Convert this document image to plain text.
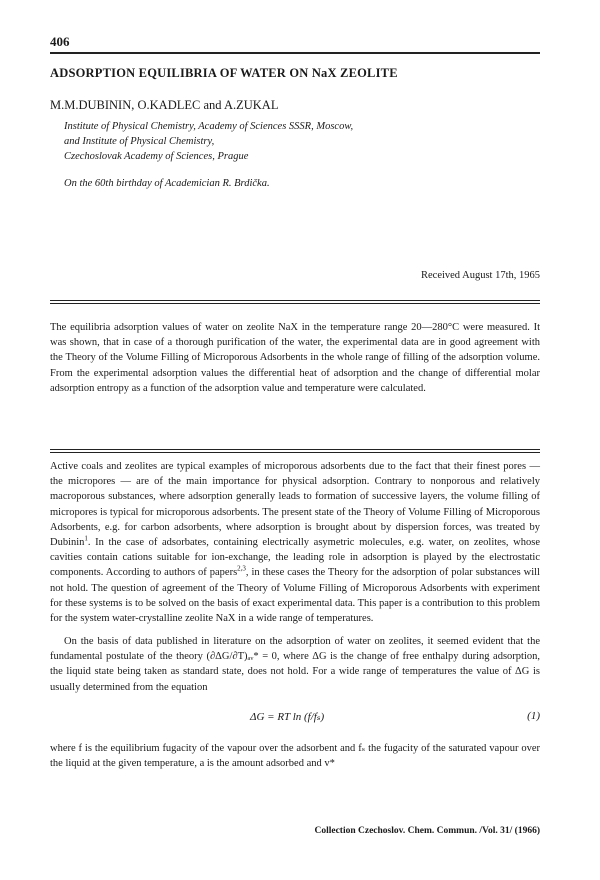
406
ADSORPTION EQUILIBRIA OF WATER ON NaX ZEOLITE
M.M.DUBININ, O.KADLEC and A.ZUKAL
Institute of Physical Chemistry, Academy of Sciences SSSR, Moscow,
and Institute of Physical Chemistry,
Czechoslovak Academy of Sciences, Prague
On the 60th birthday of Academician R. Brdička.
Received August 17th, 1965
The equilibria adsorption values of water on zeolite NaX in the temperature range 20—280°C were measured. It was shown, that in case of a thorough purification of the water, the experimental data are in good agreement with the Theory of the Volume Filling of Microporous Adsorbents in the whole range of filling of the adsorption volume. From the experimental adsorption values the differential heat of adsorption and the change of differential molar adsorption entropy as a function of the adsorption value and temperature were calculated.
Active coals and zeolites are typical examples of microporous adsorbents due to the fact that their finest pores — the micropores — are of the main importance for physical adsorption. Contrary to nonporous and relatively macroporous substances, where adsorption generally leads to formation of successive layers, the volume filling of micropores is typical for microporous adsorbents. The present state of the Theory of Volume Filling of Microporous Adsorbents, e.g. for carbon adsorbents, where adsorption is brought about by dispersion forces, was treated by Dubinin$^1$. In the case of adsorbates, containing electrically asymetric molecules, e.g. water, on zeolites, whose cavities contain cations suitable for ion-exchange, the leading role in adsorption is played by the electrostatic components. According to authors of papers$^{2,3}$, in these cases the Theory for the adsorption of polar substances will not hold. The question of agreement of the Theory of Volume Filling of Microporous Adsorbents with experiment for these systems is to be solved on the basis of exact experimental data. This paper is a contribution to this problem for the system water-crystalline zeolite NaX in a wide range of temperatures.
On the basis of data published in literature on the adsorption of water on zeolites, it seemed evident that the fundamental postulate of the theory (∂ΔG/∂T)ₐᵥ* = 0, where ΔG is the change of free enthalpy during adsorption, the liquid state being taken as standard state, does not hold. For a wide range of temperatures the value of ΔG is usually determined from the equation
ΔG = RT ln (f/fₛ)	(1)
where f is the equilibrium fugacity of the vapour over the adsorbent and fₛ the fugacity of the saturated vapour over the liquid at the given temperature, a is the amount adsorbed and v*
Collection Czechoslov. Chem. Commun. /Vol. 31/ (1966)
